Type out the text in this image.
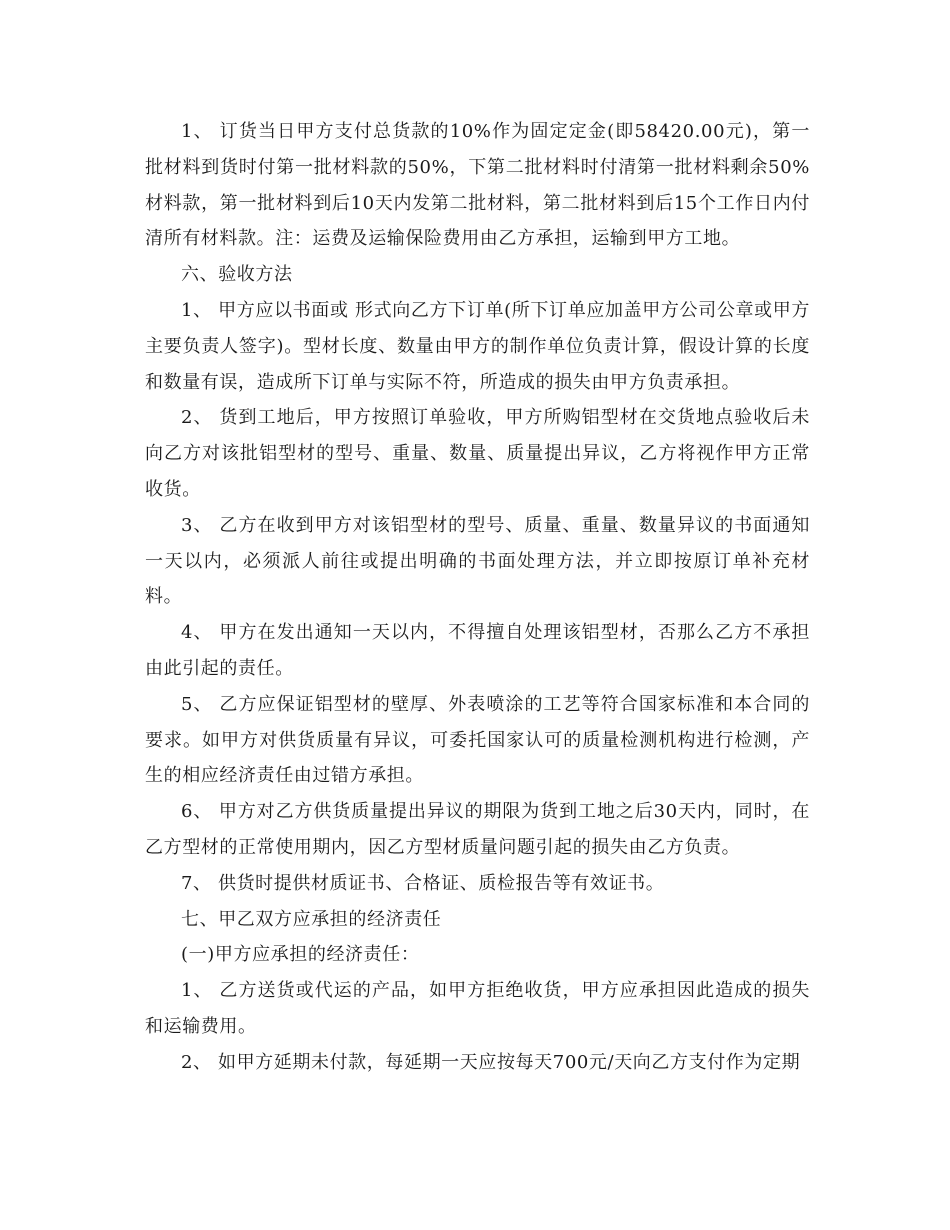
1、 订货当日甲方支付总货款的10%作为固定定金(即58420.00元)，第一批材料到货时付第一批材料款的50%，下第二批材料时付清第一批材料剩余50%材料款，第一批材料到后10天内发第二批材料，第二批材料到后15个工作日内付清所有材料款。注：运费及运输保险费用由乙方承担，运输到甲方工地。

六、验收方法

1、 甲方应以书面或 形式向乙方下订单(所下订单应加盖甲方公司公章或甲方主要负责人签字)。型材长度、数量由甲方的制作单位负责计算，假设计算的长度和数量有误，造成所下订单与实际不符，所造成的损失由甲方负责承担。

2、 货到工地后，甲方按照订单验收，甲方所购铝型材在交货地点验收后未向乙方对该批铝型材的型号、重量、数量、质量提出异议，乙方将视作甲方正常收货。

3、 乙方在收到甲方对该铝型材的型号、质量、重量、数量异议的书面通知一天以内，必须派人前往或提出明确的书面处理方法，并立即按原订单补充材料。

4、 甲方在发出通知一天以内，不得擅自处理该铝型材，否那么乙方不承担由此引起的责任。

5、 乙方应保证铝型材的壁厚、外表喷涂的工艺等符合国家标准和本合同的要求。如甲方对供货质量有异议，可委托国家认可的质量检测机构进行检测，产生的相应经济责任由过错方承担。

6、 甲方对乙方供货质量提出异议的期限为货到工地之后30天内，同时，在乙方型材的正常使用期内，因乙方型材质量问题引起的损失由乙方负责。

7、 供货时提供材质证书、合格证、质检报告等有效证书。

七、甲乙双方应承担的经济责任

(一)甲方应承担的经济责任：

1、 乙方送货或代运的产品，如甲方拒绝收货，甲方应承担因此造成的损失和运输费用。

2、 如甲方延期未付款，每延期一天应按每天700元/天向乙方支付作为定期
